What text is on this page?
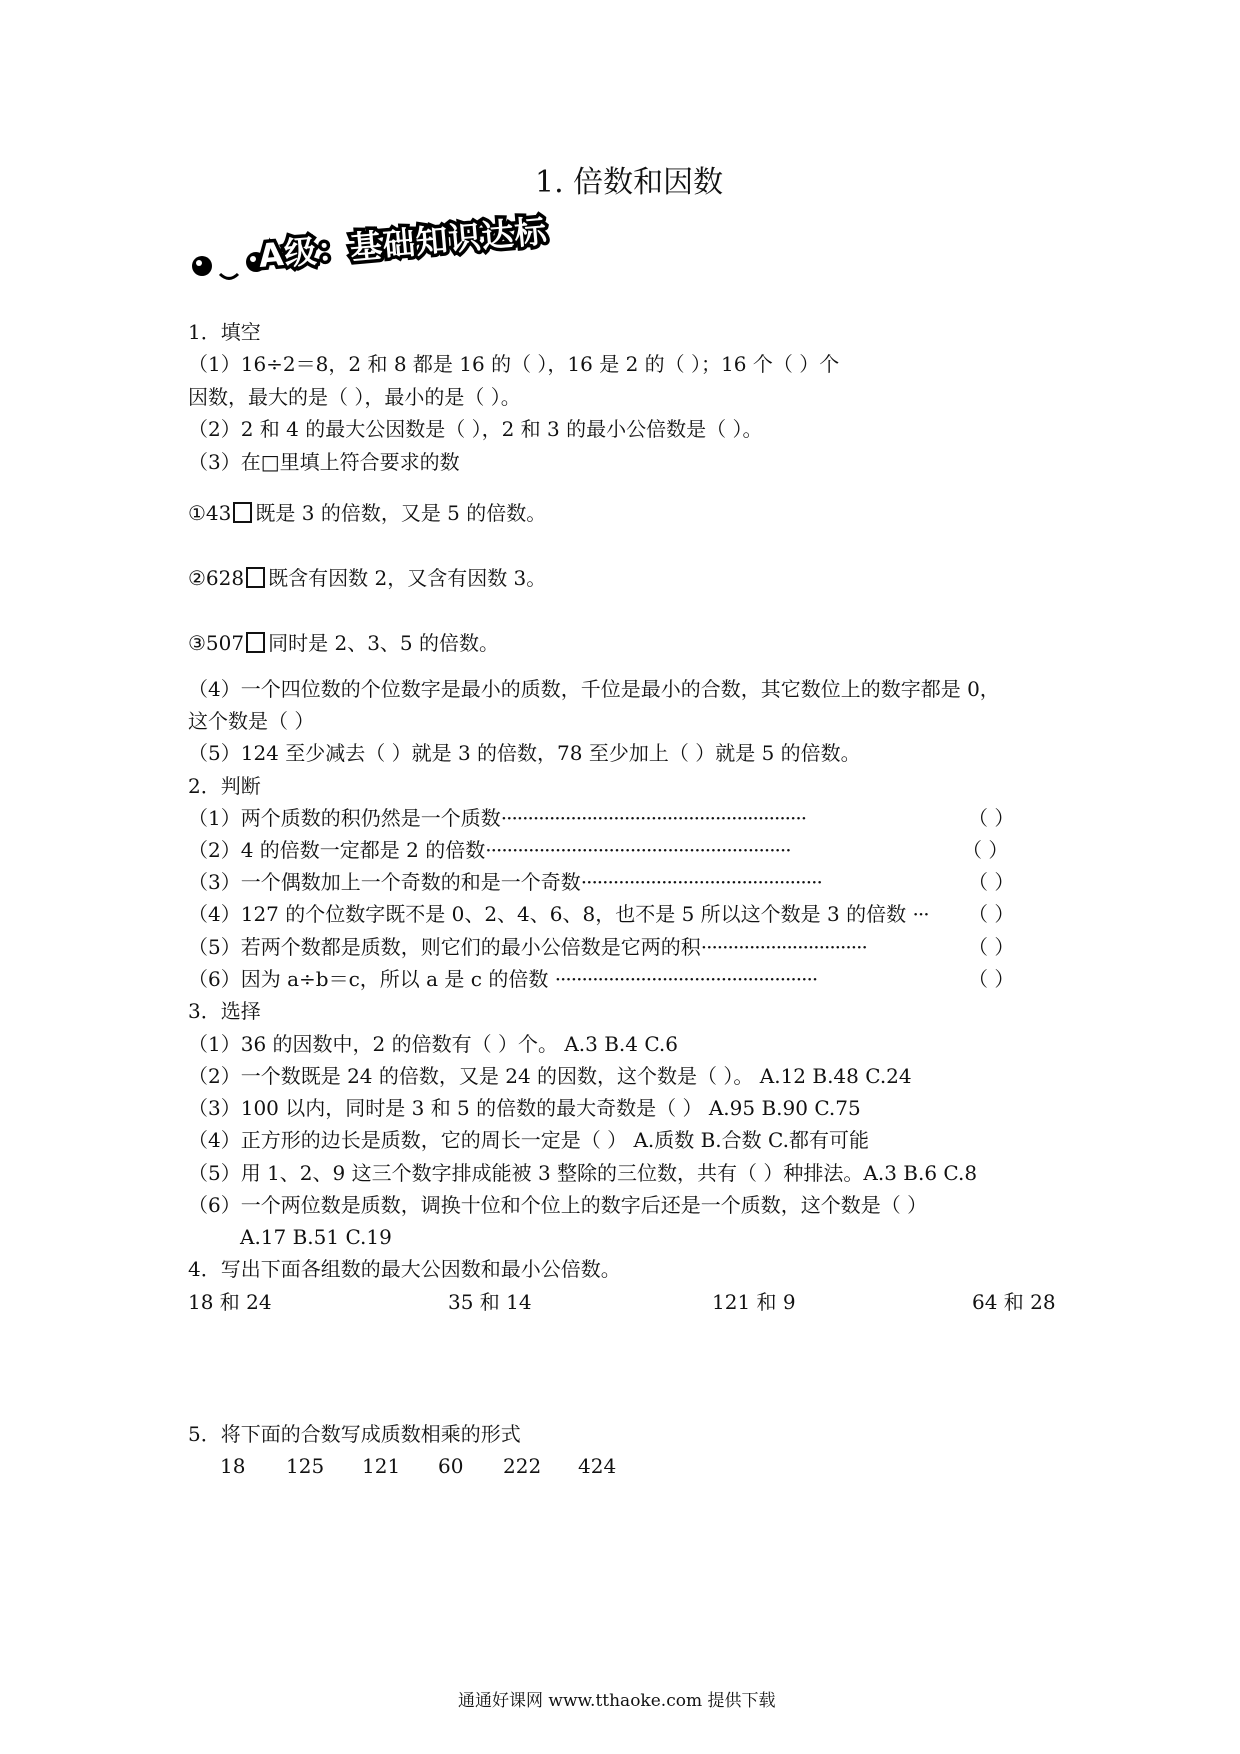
1. 倍数和因数
A级：基础知识达标
1．填空
（1）16÷2＝8，2 和 8 都是 16 的（ ），16 是 2 的（ ）；16 个（ ）个
因数，最大的是（ ），最小的是（ ）。
（2）2 和 4 的最大公因数是（ ），2 和 3 的最小公倍数是（ ）。
（3）在□里填上符合要求的数
①43 既是 3 的倍数，又是 5 的倍数。
②628 既含有因数 2，又含有因数 3。
③507 同时是 2、3、5 的倍数。
（4）一个四位数的个位数字是最小的质数，千位是最小的合数，其它数位上的数字都是 0，
这个数是（ ）
（5）124 至少减去（ ）就是 3 的倍数，78 至少加上（ ）就是 5 的倍数。
2．判断
（1）两个质数的积仍然是一个质数·························································	（ ）
（2）4 的倍数一定都是 2 的倍数·························································	（ ）
（3）一个偶数加上一个奇数的和是一个奇数·············································	（ ）
（4）127 的个位数字既不是 0、2、4、6、8，也不是 5 所以这个数是 3 的倍数 ··· （ ）
（5）若两个数都是质数，则它们的最小公倍数是它两的积·······························	（ ）
（6）因为 a÷b＝c，所以 a 是 c 的倍数 ·················································	（ ）
3．选择
（1）36 的因数中，2 的倍数有（ ）个。 A.3 B.4 C.6
（2）一个数既是 24 的倍数，又是 24 的因数，这个数是（ ）。 A.12 B.48 C.24
（3）100 以内，同时是 3 和 5 的倍数的最大奇数是（ ） A.95 B.90 C.75
（4）正方形的边长是质数，它的周长一定是（ ） A.质数 B.合数 C.都有可能
（5）用 1、2、9 这三个数字排成能被 3 整除的三位数，共有（ ）种排法。A.3 B.6 C.8
（6）一个两位数是质数，调换十位和个位上的数字后还是一个质数，这个数是（ ）
A.17 B.51 C.19
4．写出下面各组数的最大公因数和最小公倍数。
18 和 24	35 和 14	121 和 9	64 和 28
5．将下面的合数写成质数相乘的形式
18 125 121 60 222 424
通通好课网 www.tthaoke.com 提供下载
